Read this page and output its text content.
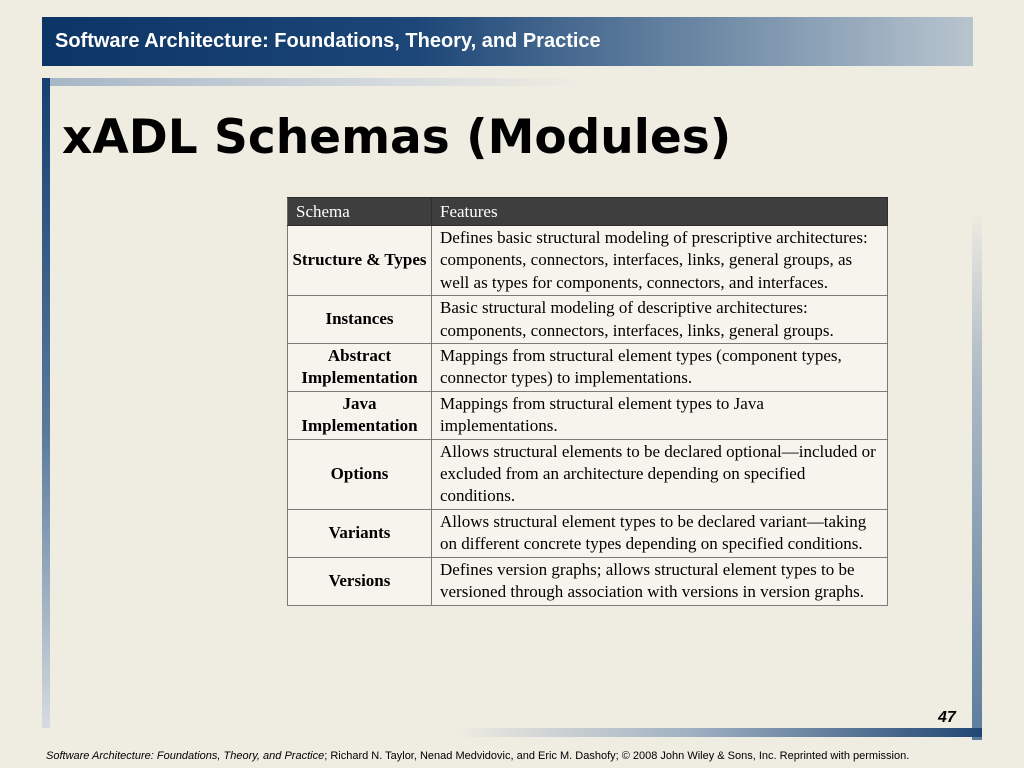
Software Architecture: Foundations, Theory, and Practice
xADL Schemas (Modules)
Schema	Features
Structure & Types	Defines basic structural modeling of prescriptive architectures: components, connectors, interfaces, links, general groups, as well as types for components, connectors, and interfaces.
Instances	Basic structural modeling of descriptive architectures: components, connectors, interfaces, links, general groups.
Abstract Implementation	Mappings from structural element types (component types, connector types) to implementations.
Java Implementation	Mappings from structural element types to Java implementations.
Options	Allows structural elements to be declared optional—included or excluded from an architecture depending on specified conditions.
Variants	Allows structural element types to be declared variant—taking on different concrete types depending on specified conditions.
Versions	Defines version graphs; allows structural element types to be versioned through association with versions in version graphs.
47
Software Architecture: Foundations, Theory, and Practice; Richard N. Taylor, Nenad Medvidovic, and Eric M. Dashofy; © 2008 John Wiley & Sons, Inc. Reprinted with permission.
